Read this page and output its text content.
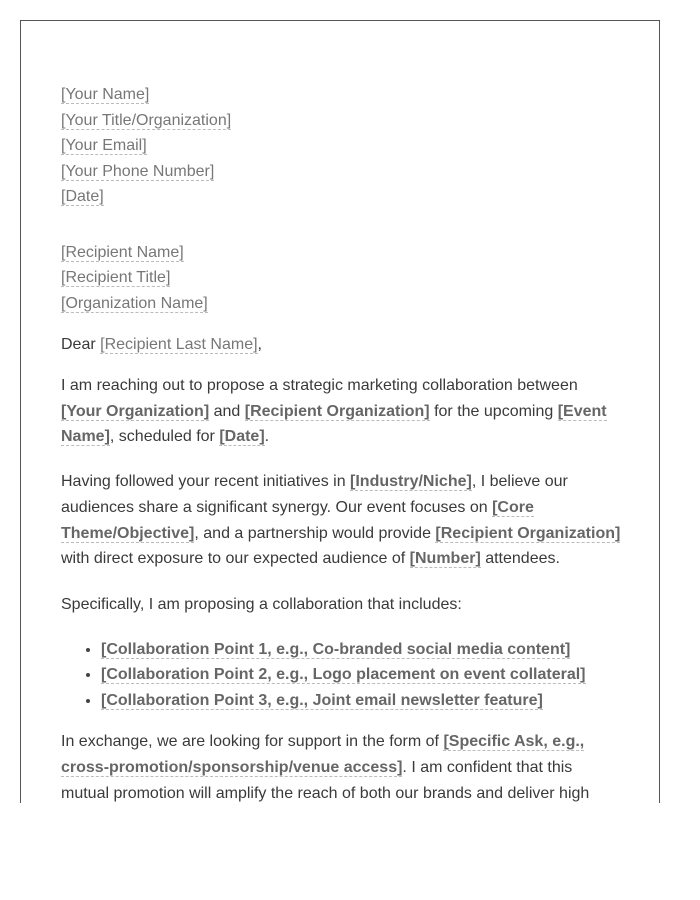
[Your Name]
[Your Title/Organization]
[Your Email]
[Your Phone Number]
[Date]
[Recipient Name]
[Recipient Title]
[Organization Name]

Dear [Recipient Last Name],

I am reaching out to propose a strategic marketing collaboration between [Your Organization] and [Recipient Organization] for the upcoming [Event Name], scheduled for [Date].

Having followed your recent initiatives in [Industry/Niche], I believe our audiences share a significant synergy. Our event focuses on [Core Theme/Objective], and a partnership would provide [Recipient Organization] with direct exposure to our expected audience of [Number] attendees.

Specifically, I am proposing a collaboration that includes:

• [Collaboration Point 1, e.g., Co-branded social media content]
• [Collaboration Point 2, e.g., Logo placement on event collateral]
• [Collaboration Point 3, e.g., Joint email newsletter feature]

In exchange, we are looking for support in the form of [Specific Ask, e.g., cross-promotion/sponsorship/venue access]. I am confident that this mutual promotion will amplify the reach of both our brands and deliver high
